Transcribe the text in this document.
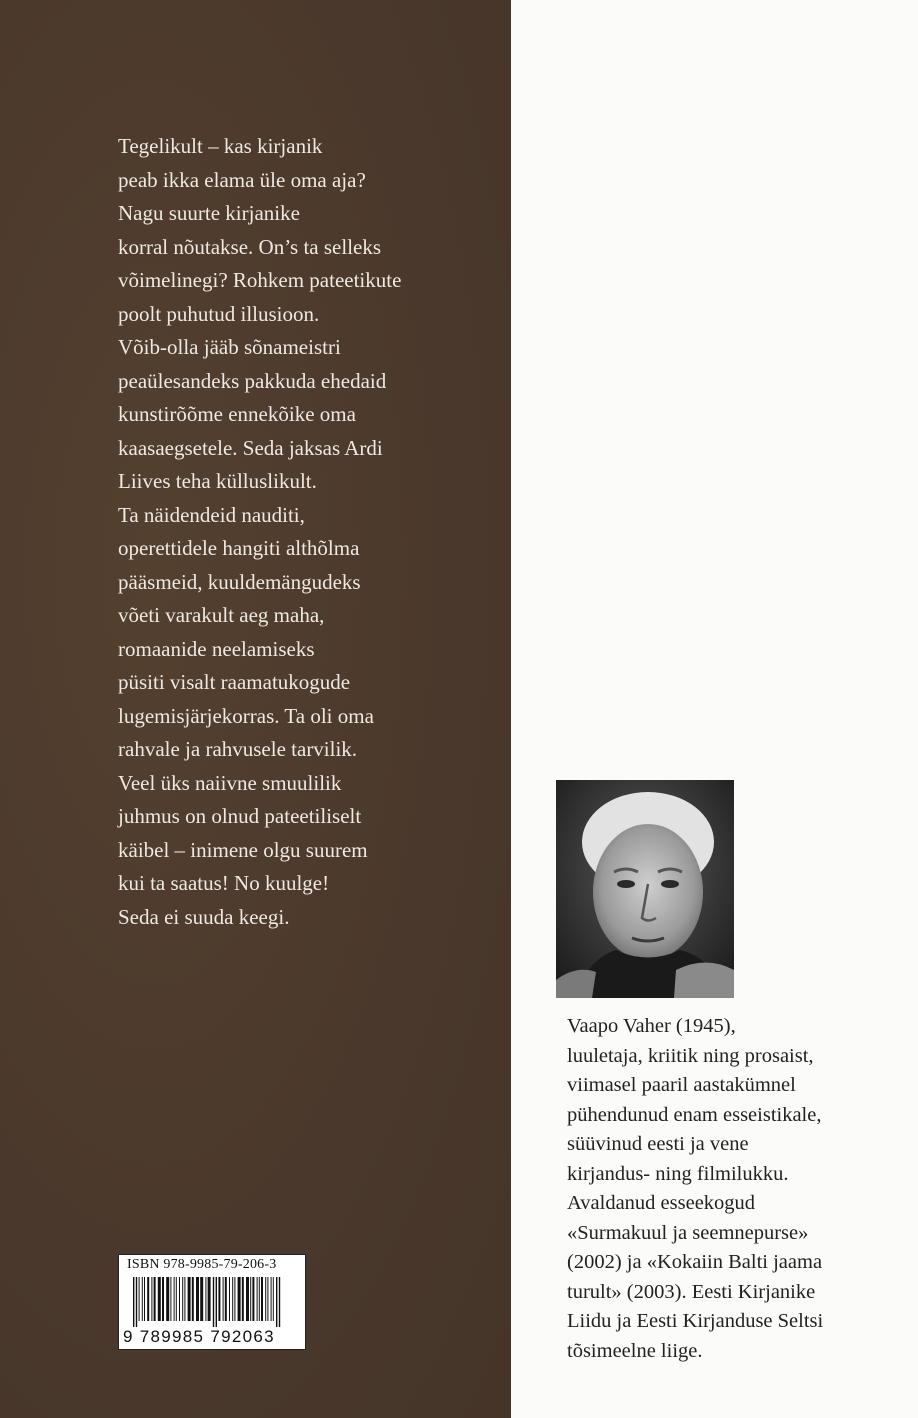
Tegelikult – kas kirjanik
peab ikka elama üle oma aja?
Nagu suurte kirjanike
korral nõutakse. On’s ta selleks
võimelinegi? Rohkem pateetikute
poolt puhutud illusioon.
Võib-olla jääb sõnameistri
peaülesandeks pakkuda ehedaid
kunstirõõme ennekõike oma
kaasaegsetele. Seda jaksas Ardi
Liives teha külluslikult.
Ta näidendeid nauditi,
operettidele hangiti althõlma
pääsmeid, kuuldemängudeks
võeti varakult aeg maha,
romaanide neelamiseks
püsiti visalt raamatukogude
lugemisjärjekorras. Ta oli oma
rahvale ja rahvusele tarvilik.
Veel üks naiivne smuulilik
juhmus on olnud pateetiliselt
käibel – inimene olgu suurem
kui ta saatus! No kuulge!
Seda ei suuda keegi.
ISBN 978-9985-79-206-3
9 789985 792063
Vaapo Vaher (1945),
luuletaja, kriitik ning prosaist,
viimasel paaril aastakümnel
pühendunud enam esseistikale,
süüvinud eesti ja vene
kirjandus- ning filmilukku.
Avaldanud esseekogud
«Surmakuul ja seemnepurse»
(2002) ja «Kokaiin Balti jaama
turult» (2003). Eesti Kirjanike
Liidu ja Eesti Kirjanduse Seltsi
tõsimeelne liige.
